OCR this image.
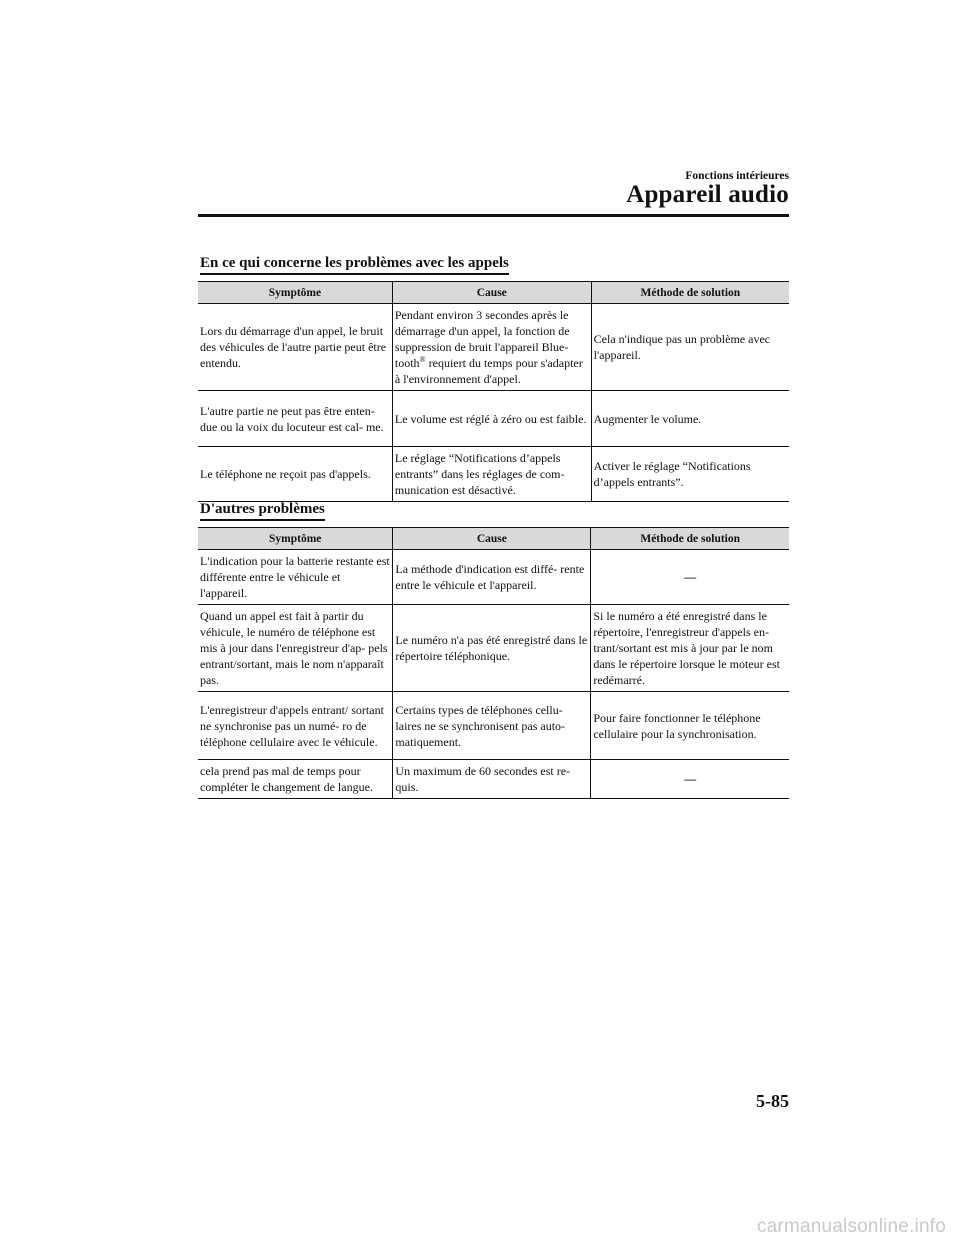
Fonctions intérieures
Appareil audio
En ce qui concerne les problèmes avec les appels
Symptôme	Cause	Méthode de solution
Lors du démarrage d'un appel, le bruit des véhicules de l'autre partie peut être entendu.	Pendant environ 3 secondes après le démarrage d'un appel, la fonction de suppression de bruit l'appareil Blue- tooth® requiert du temps pour s'adapter à l'environnement d'appel.	Cela n'indique pas un problème avec l'appareil.
L'autre partie ne peut pas être enten- due ou la voix du locuteur est cal- me.	Le volume est réglé à zéro ou est faible.	Augmenter le volume.
Le téléphone ne reçoit pas d'appels.	Le réglage “Notifications d’appels entrants” dans les réglages de com- munication est désactivé.	Activer le réglage “Notifications d’appels entrants”.
D'autres problèmes
Symptôme	Cause	Méthode de solution
L'indication pour la batterie restante est différente entre le véhicule et l'appareil.	La méthode d'indication est diffé- rente entre le véhicule et l'appareil.	—
Quand un appel est fait à partir du véhicule, le numéro de téléphone est mis à jour dans l'enregistreur d'ap- pels entrant/sortant, mais le nom n'apparaît pas.	Le numéro n'a pas été enregistré dans le répertoire téléphonique.	Si le numéro a été enregistré dans le répertoire, l'enregistreur d'appels en- trant/sortant est mis à jour par le nom dans le répertoire lorsque le moteur est redémarré.
L'enregistreur d'appels entrant/ sortant ne synchronise pas un numé- ro de téléphone cellulaire avec le véhicule.	Certains types de téléphones cellu- laires ne se synchronisent pas auto- matiquement.	Pour faire fonctionner le téléphone cellulaire pour la synchronisation.
cela prend pas mal de temps pour compléter le changement de langue.	Un maximum de 60 secondes est re- quis.	—
5-85
carmanualsonline.info
